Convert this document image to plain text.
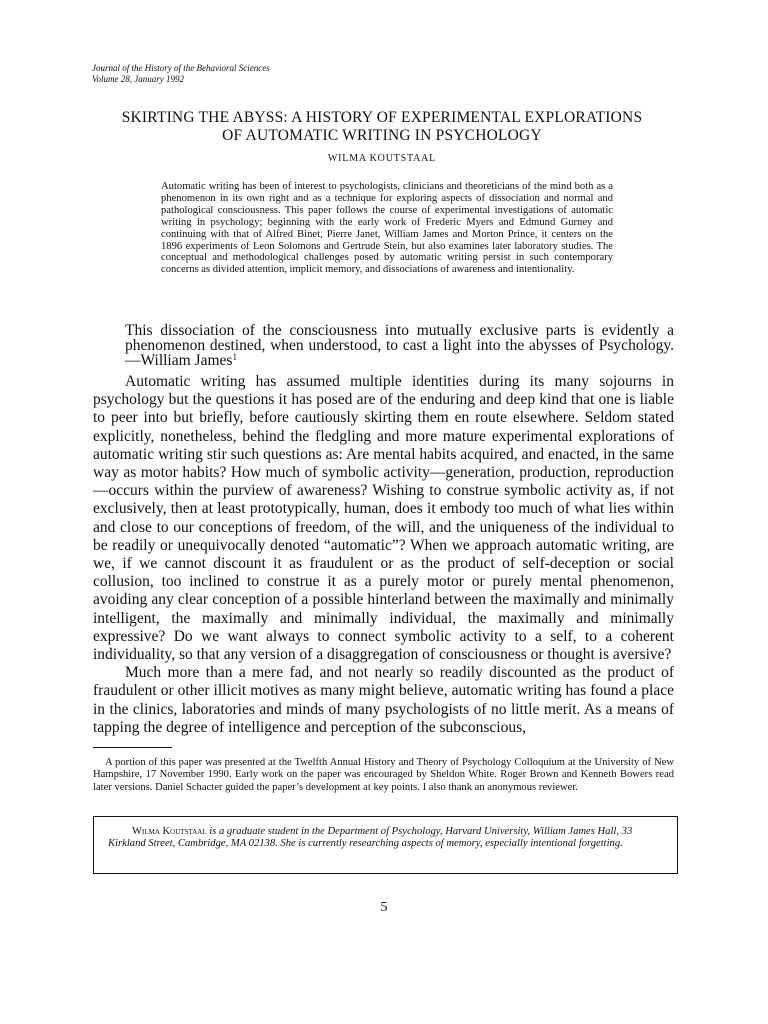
Journal of the History of the Behavioral Sciences
Volume 28, January 1992
SKIRTING THE ABYSS: A HISTORY OF EXPERIMENTAL EXPLORATIONS
OF AUTOMATIC WRITING IN PSYCHOLOGY
WILMA KOUTSTAAL
Automatic writing has been of interest to psychologists, clinicians and theoreticians of the mind both as a phenomenon in its own right and as a technique for exploring aspects of dissociation and normal and pathological consciousness. This paper follows the course of experimental investigations of automatic writing in psychology; beginning with the early work of Frederic Myers and Edmund Gurney and continuing with that of Alfred Binet, Pierre Janet, William James and Morton Prince, it centers on the 1896 experiments of Leon Solomons and Gertrude Stein, but also examines later laboratory studies. The conceptual and methodological challenges posed by automatic writing persist in such contemporary concerns as divided attention, implicit memory, and dissociations of awareness and intentionality.
This dissociation of the consciousness into mutually exclusive parts is evidently a phenomenon destined, when understood, to cast a light into the abysses of Psychology.—William James$^1$

Automatic writing has assumed multiple identities during its many sojourns in psychology but the questions it has posed are of the enduring and deep kind that one is liable to peer into but briefly, before cautiously skirting them en route elsewhere. Seldom stated explicitly, nonetheless, behind the fledgling and more mature experimental explorations of automatic writing stir such questions as: Are mental habits acquired, and enacted, in the same way as motor habits? How much of symbolic activity—generation, production, reproduction—occurs within the purview of awareness? Wishing to construe symbolic activity as, if not exclusively, then at least prototypically, human, does it embody too much of what lies within and close to our conceptions of freedom, of the will, and the uniqueness of the individual to be readily or unequivocally denoted “automatic”? When we approach automatic writing, are we, if we cannot discount it as fraudulent or as the product of self-deception or social collusion, too inclined to construe it as a purely motor or purely mental phenomenon, avoiding any clear conception of a possible hinterland between the maximally and minimally intelligent, the maximally and minimally individual, the maximally and minimally expressive? Do we want always to connect symbolic activity to a self, to a coherent individuality, so that any version of a disaggregation of consciousness or thought is aversive?

Much more than a mere fad, and not nearly so readily discounted as the product of fraudulent or other illicit motives as many might believe, automatic writing has found a place in the clinics, laboratories and minds of many psychologists of no little merit. As a means of tapping the degree of intelligence and perception of the subconscious,

A portion of this paper was presented at the Twelfth Annual History and Theory of Psychology Colloquium at the University of New Hampshire, 17 November 1990. Early work on the paper was encouraged by Sheldon White. Roger Brown and Kenneth Bowers read later versions. Daniel Schacter guided the paper’s development at key points. I also thank an anonymous reviewer.
Wilma Koutstaal is a graduate student in the Department of Psychology, Harvard University, William James Hall, 33 Kirkland Street, Cambridge, MA 02138. She is currently researching aspects of memory, especially intentional forgetting.
5
